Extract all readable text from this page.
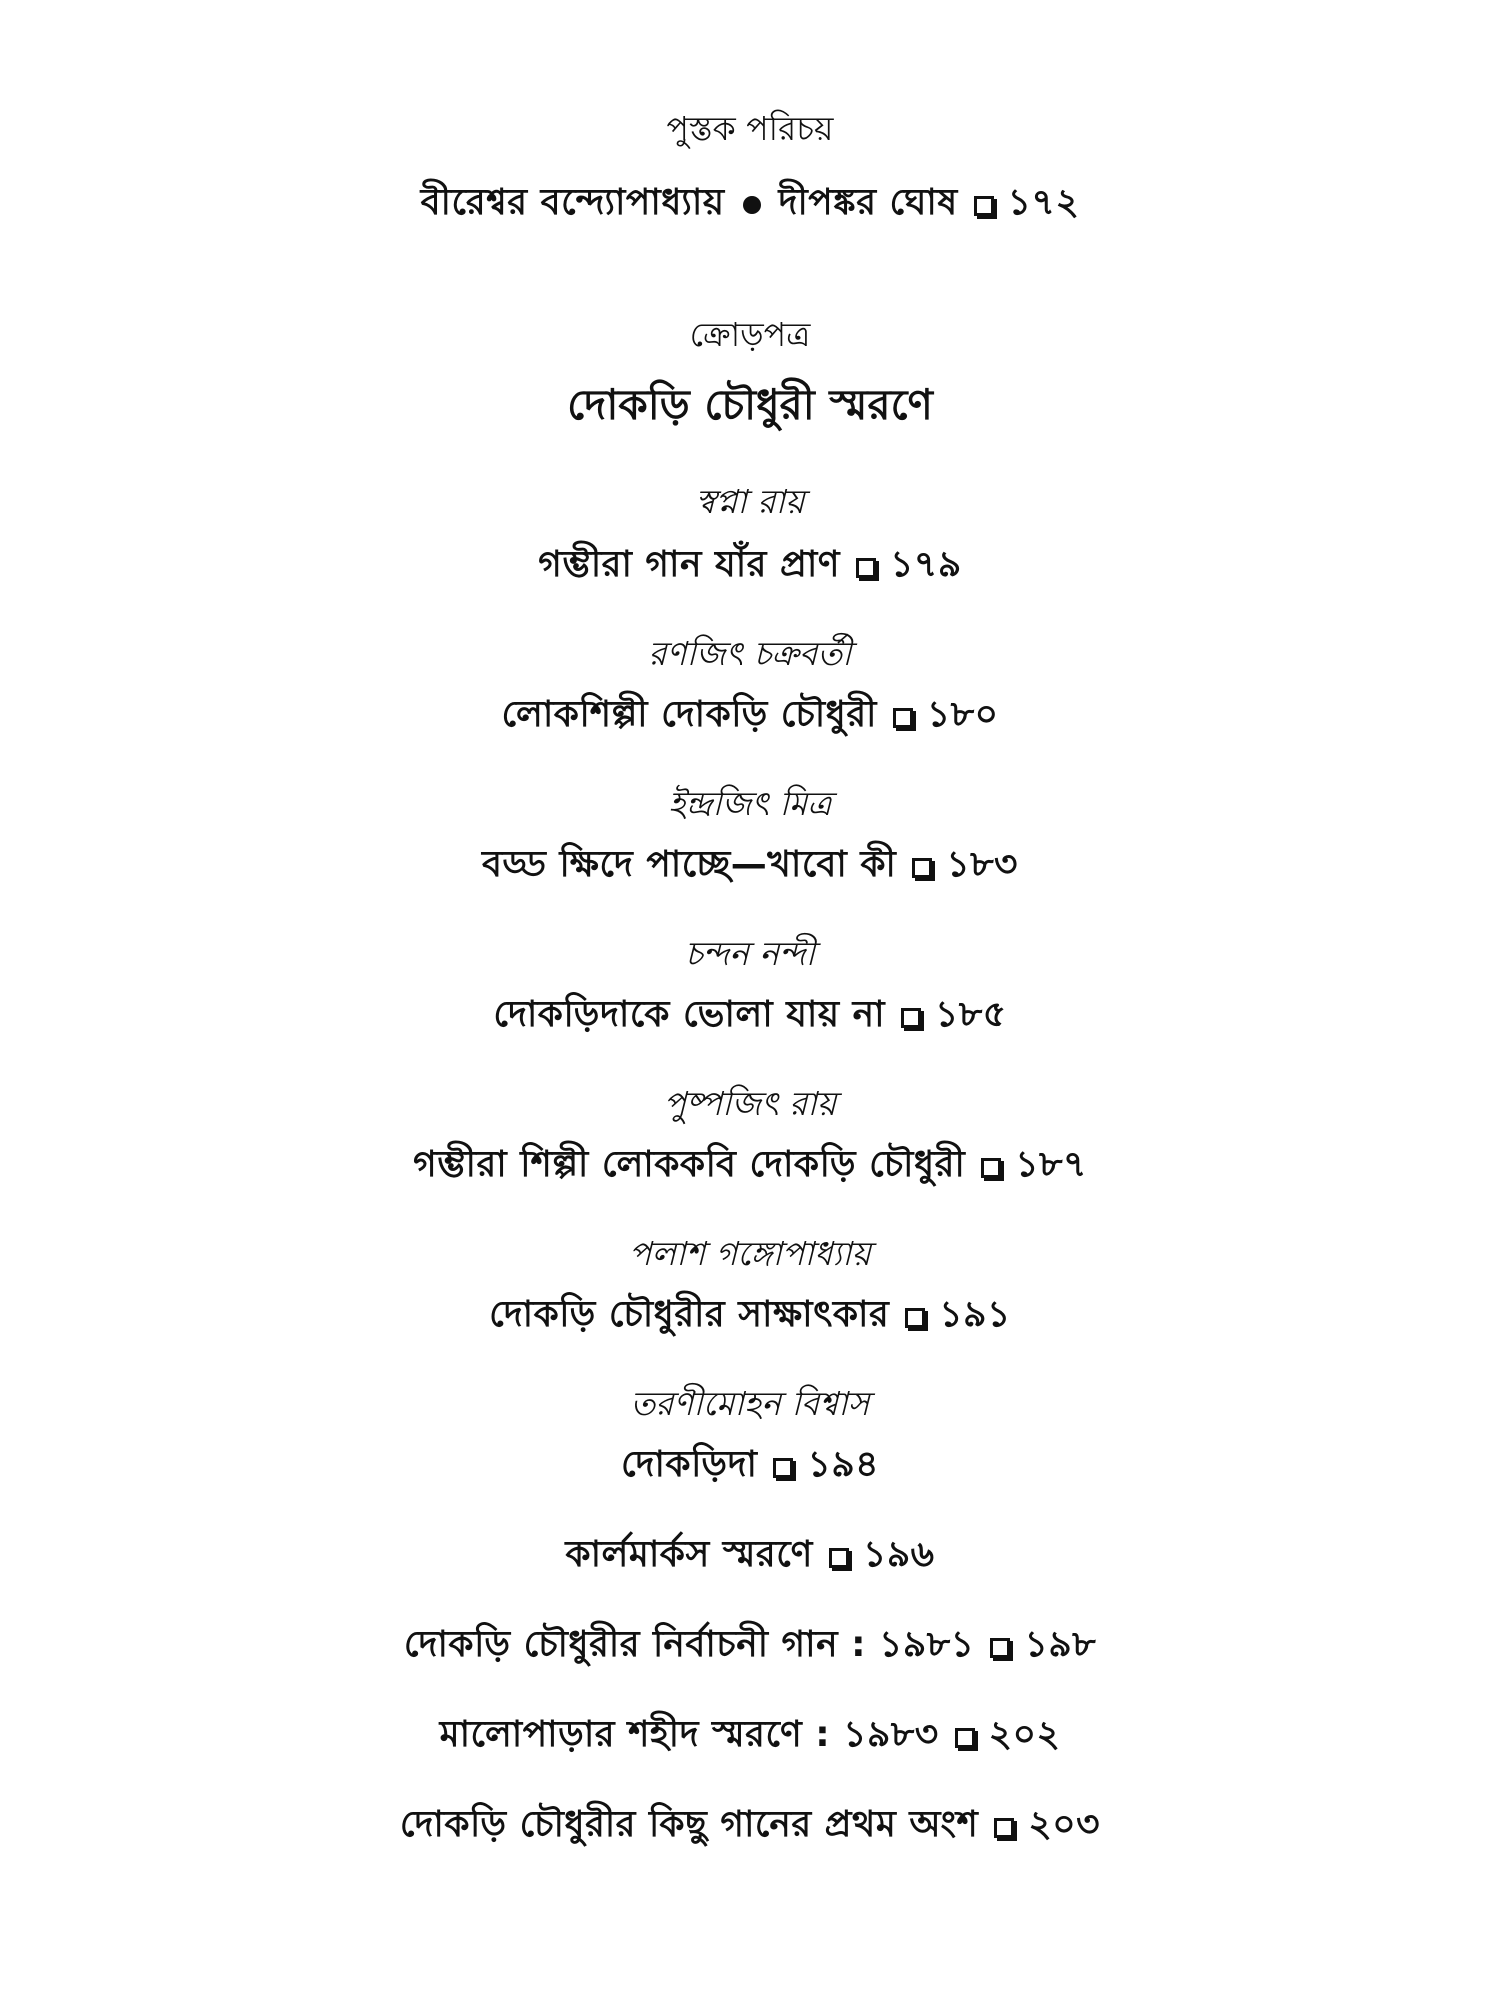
পুস্তক পরিচয়
বীরেশ্বর বন্দ্যোপাধ্যায় দীপঙ্কর ঘোষ ১৭২
ক্রোড়পত্র
দোকড়ি চৌধুরী স্মরণে
স্বপ্না রায়
গম্ভীরা গান যাঁর প্রাণ ১৭৯
রণজিৎ চক্রবর্তী
লোকশিল্পী দোকড়ি চৌধুরী ১৮০
ইন্দ্রজিৎ মিত্র
বড্ড ক্ষিদে পাচ্ছে—খাবো কী ১৮৩
চন্দন নন্দী
দোকড়িদাকে ভোলা যায় না ১৮৫
পুষ্পজিৎ রায়
গম্ভীরা শিল্পী লোককবি দোকড়ি চৌধুরী ১৮৭
পলাশ গঙ্গোপাধ্যায়
দোকড়ি চৌধুরীর সাক্ষাৎকার ১৯১
তরণীমোহন বিশ্বাস
দোকড়িদা ১৯৪
কার্লমার্কস স্মরণে ১৯৬
দোকড়ি চৌধুরীর নির্বাচনী গান : ১৯৮১ ১৯৮
মালোপাড়ার শহীদ স্মরণে : ১৯৮৩ ২০২
দোকড়ি চৌধুরীর কিছু গানের প্রথম অংশ ২০৩
